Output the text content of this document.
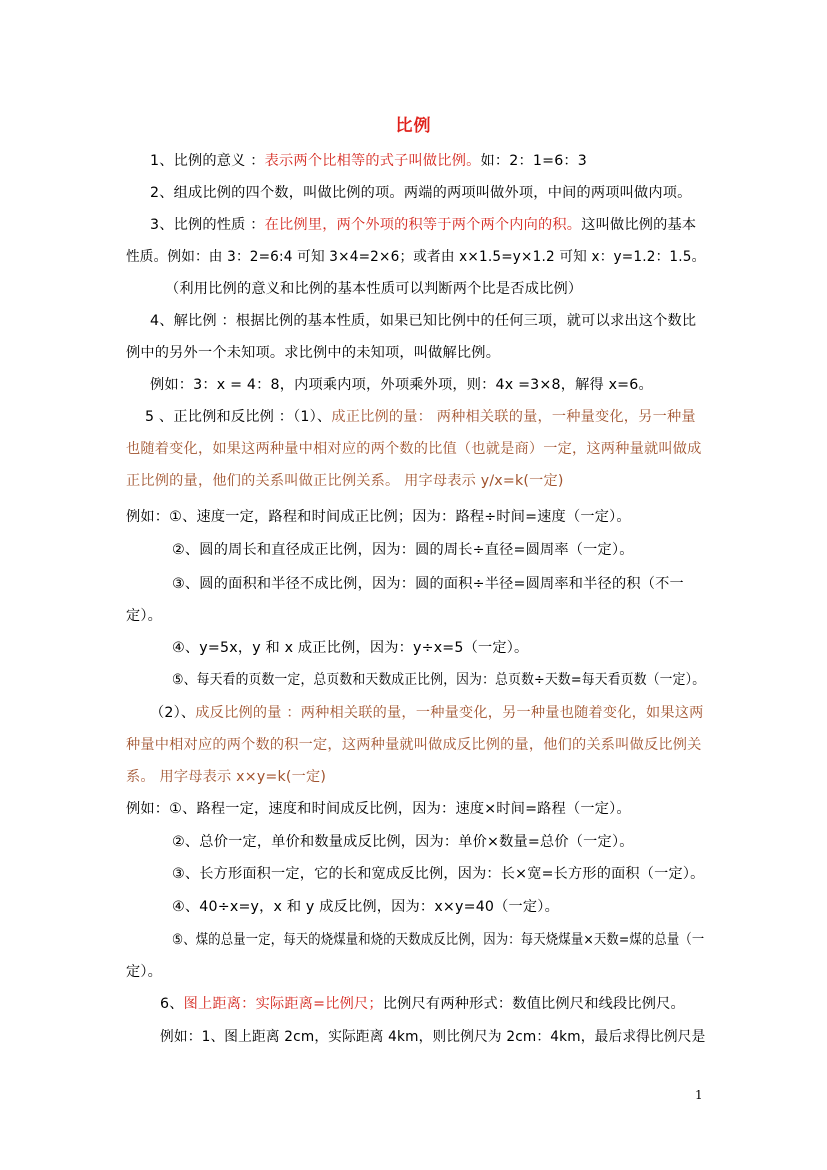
比例
1、比例的意义 ：表示两个比相等的式子叫做比例。如：2：1=6：3
2、组成比例的四个数，叫做比例的项。两端的两项叫做外项，中间的两项叫做内项。
3、比例的性质 ：在比例里，两个外项的积等于两个两个内向的积。这叫做比例的基本
性质。例如：由 3：2=6:4 可知 3×4=2×6；或者由 x×1.5=y×1.2 可知 x：y=1.2：1.5。
（利用比例的意义和比例的基本性质可以判断两个比是否成比例）
4、解比例 ：根据比例的基本性质，如果已知比例中的任何三项，就可以求出这个数比
例中的另外一个未知项。求比例中的未知项，叫做解比例。
例如：3：x = 4：8，内项乘内项，外项乘外项，则：4x =3×8，解得 x=6。
5 、正比例和反比例 ：（1）、成正比例的量： 两种相关联的量，一种量变化，另一种量
也随着变化，如果这两种量中相对应的两个数的比值（也就是商）一定，这两种量就叫做成
正比例的量，他们的关系叫做正比例关系。 用字母表示 y/x=k(一定)
例如：①、速度一定，路程和时间成正比例；因为：路程÷时间=速度（一定）。
②、圆的周长和直径成正比例，因为：圆的周长÷直径=圆周率（一定）。
③、圆的面积和半径不成比例，因为：圆的面积÷半径=圆周率和半径的积（不一
定）。
④、y=5x，y 和 x 成正比例，因为：y÷x=5（一定）。
⑤、每天看的页数一定，总页数和天数成正比例，因为：总页数÷天数=每天看页数（一定）。
（2）、成反比例的量 ：两种相关联的量，一种量变化，另一种量也随着变化，如果这两
种量中相对应的两个数的积一定，这两种量就叫做成反比例的量，他们的关系叫做反比例关
系。 用字母表示 x×y=k(一定)
例如：①、路程一定，速度和时间成反比例，因为：速度×时间=路程（一定）。
②、总价一定，单价和数量成反比例，因为：单价×数量=总价（一定）。
③、长方形面积一定，它的长和宽成反比例，因为：长×宽=长方形的面积（一定）。
④、40÷x=y，x 和 y 成反比例，因为：x×y=40（一定）。
⑤、煤的总量一定，每天的烧煤量和烧的天数成反比例，因为：每天烧煤量×天数=煤的总量（一
定）。
6、图上距离：实际距离=比例尺；比例尺有两种形式：数值比例尺和线段比例尺。
例如：1、图上距离 2cm，实际距离 4km，则比例尺为 2cm：4km，最后求得比例尺是
1
